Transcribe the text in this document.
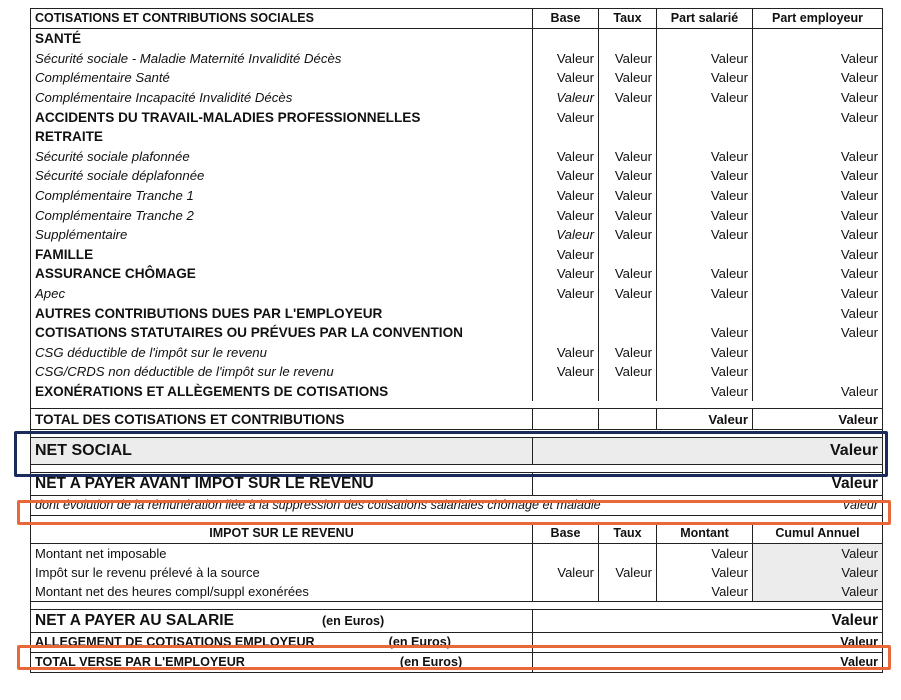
COTISATIONS ET CONTRIBUTIONS SOCIALES	Base	Taux	Part salarié	Part employeur
SANTÉ				
Sécurité sociale - Maladie Maternité Invalidité Décès	Valeur	Valeur	Valeur	Valeur
Complémentaire Santé	Valeur	Valeur	Valeur	Valeur
Complémentaire Incapacité Invalidité Décès	Valeur	Valeur	Valeur	Valeur
ACCIDENTS DU TRAVAIL-MALADIES PROFESSIONNELLES	Valeur			Valeur
RETRAITE				
Sécurité sociale plafonnée	Valeur	Valeur	Valeur	Valeur
Sécurité sociale déplafonnée	Valeur	Valeur	Valeur	Valeur
Complémentaire Tranche 1	Valeur	Valeur	Valeur	Valeur
Complémentaire Tranche 2	Valeur	Valeur	Valeur	Valeur
Supplémentaire	Valeur	Valeur	Valeur	Valeur
FAMILLE	Valeur			Valeur
ASSURANCE CHÔMAGE	Valeur	Valeur	Valeur	Valeur
Apec	Valeur	Valeur	Valeur	Valeur
AUTRES CONTRIBUTIONS DUES PAR L'EMPLOYEUR				Valeur
COTISATIONS STATUTAIRES OU PRÉVUES PAR LA CONVENTION			Valeur	Valeur
CSG déductible de l'impôt sur le revenu	Valeur	Valeur	Valeur	
CSG/CRDS non déductible de l'impôt sur le revenu	Valeur	Valeur	Valeur	
EXONÉRATIONS ET ALLÈGEMENTS DE COTISATIONS			Valeur	Valeur

TOTAL DES COTISATIONS ET CONTRIBUTIONS			Valeur	Valeur

NET SOCIAL	Valeur	

NET A PAYER AVANT IMPOT SUR LE REVENU	Valeur	
dont évolution de la rémunération liée à la suppression des cotisations salariales chômage et maladie		Valeur

IMPOT SUR LE REVENU	Base	Taux	Montant	Cumul Annuel
Montant net imposable			Valeur	Valeur
Impôt sur le revenu prélevé à la source	Valeur	Valeur	Valeur	Valeur
Montant net des heures compl/suppl exonérées			Valeur	Valeur

NET A PAYER AU SALARIE (en Euros)	Valeur
ALLEGEMENT DE COTISATIONS EMPLOYEUR (en Euros)	Valeur
TOTAL VERSE PAR L'EMPLOYEUR (en Euros)	Valeur
